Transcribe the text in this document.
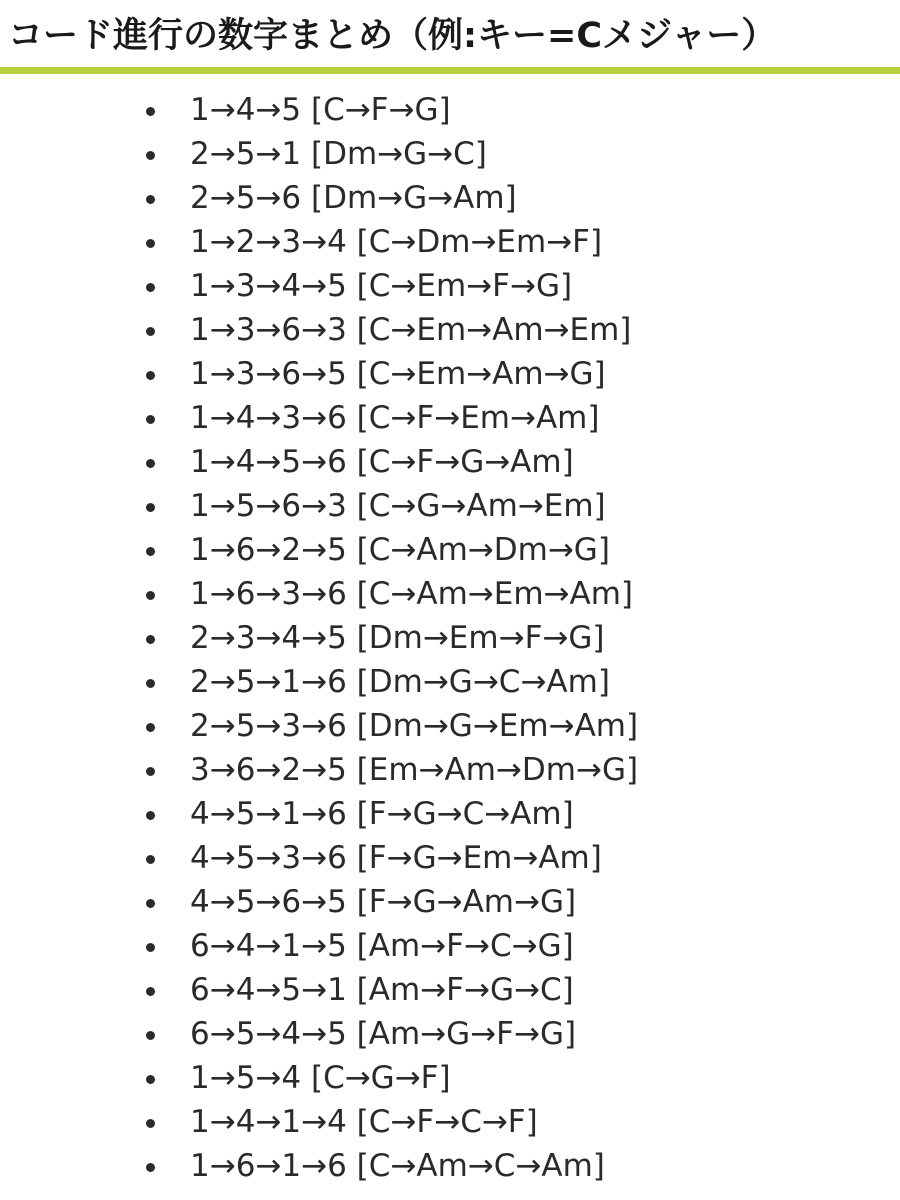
コード進行の数字まとめ（例:キー=Cメジャー）
1→4→5 [C→F→G]
2→5→1 [Dm→G→C]
2→5→6 [Dm→G→Am]
1→2→3→4 [C→Dm→Em→F]
1→3→4→5 [C→Em→F→G]
1→3→6→3 [C→Em→Am→Em]
1→3→6→5 [C→Em→Am→G]
1→4→3→6 [C→F→Em→Am]
1→4→5→6 [C→F→G→Am]
1→5→6→3 [C→G→Am→Em]
1→6→2→5 [C→Am→Dm→G]
1→6→3→6 [C→Am→Em→Am]
2→3→4→5 [Dm→Em→F→G]
2→5→1→6 [Dm→G→C→Am]
2→5→3→6 [Dm→G→Em→Am]
3→6→2→5 [Em→Am→Dm→G]
4→5→1→6 [F→G→C→Am]
4→5→3→6 [F→G→Em→Am]
4→5→6→5 [F→G→Am→G]
6→4→1→5 [Am→F→C→G]
6→4→5→1 [Am→F→G→C]
6→5→4→5 [Am→G→F→G]
1→5→4 [C→G→F]
1→4→1→4 [C→F→C→F]
1→6→1→6 [C→Am→C→Am]
